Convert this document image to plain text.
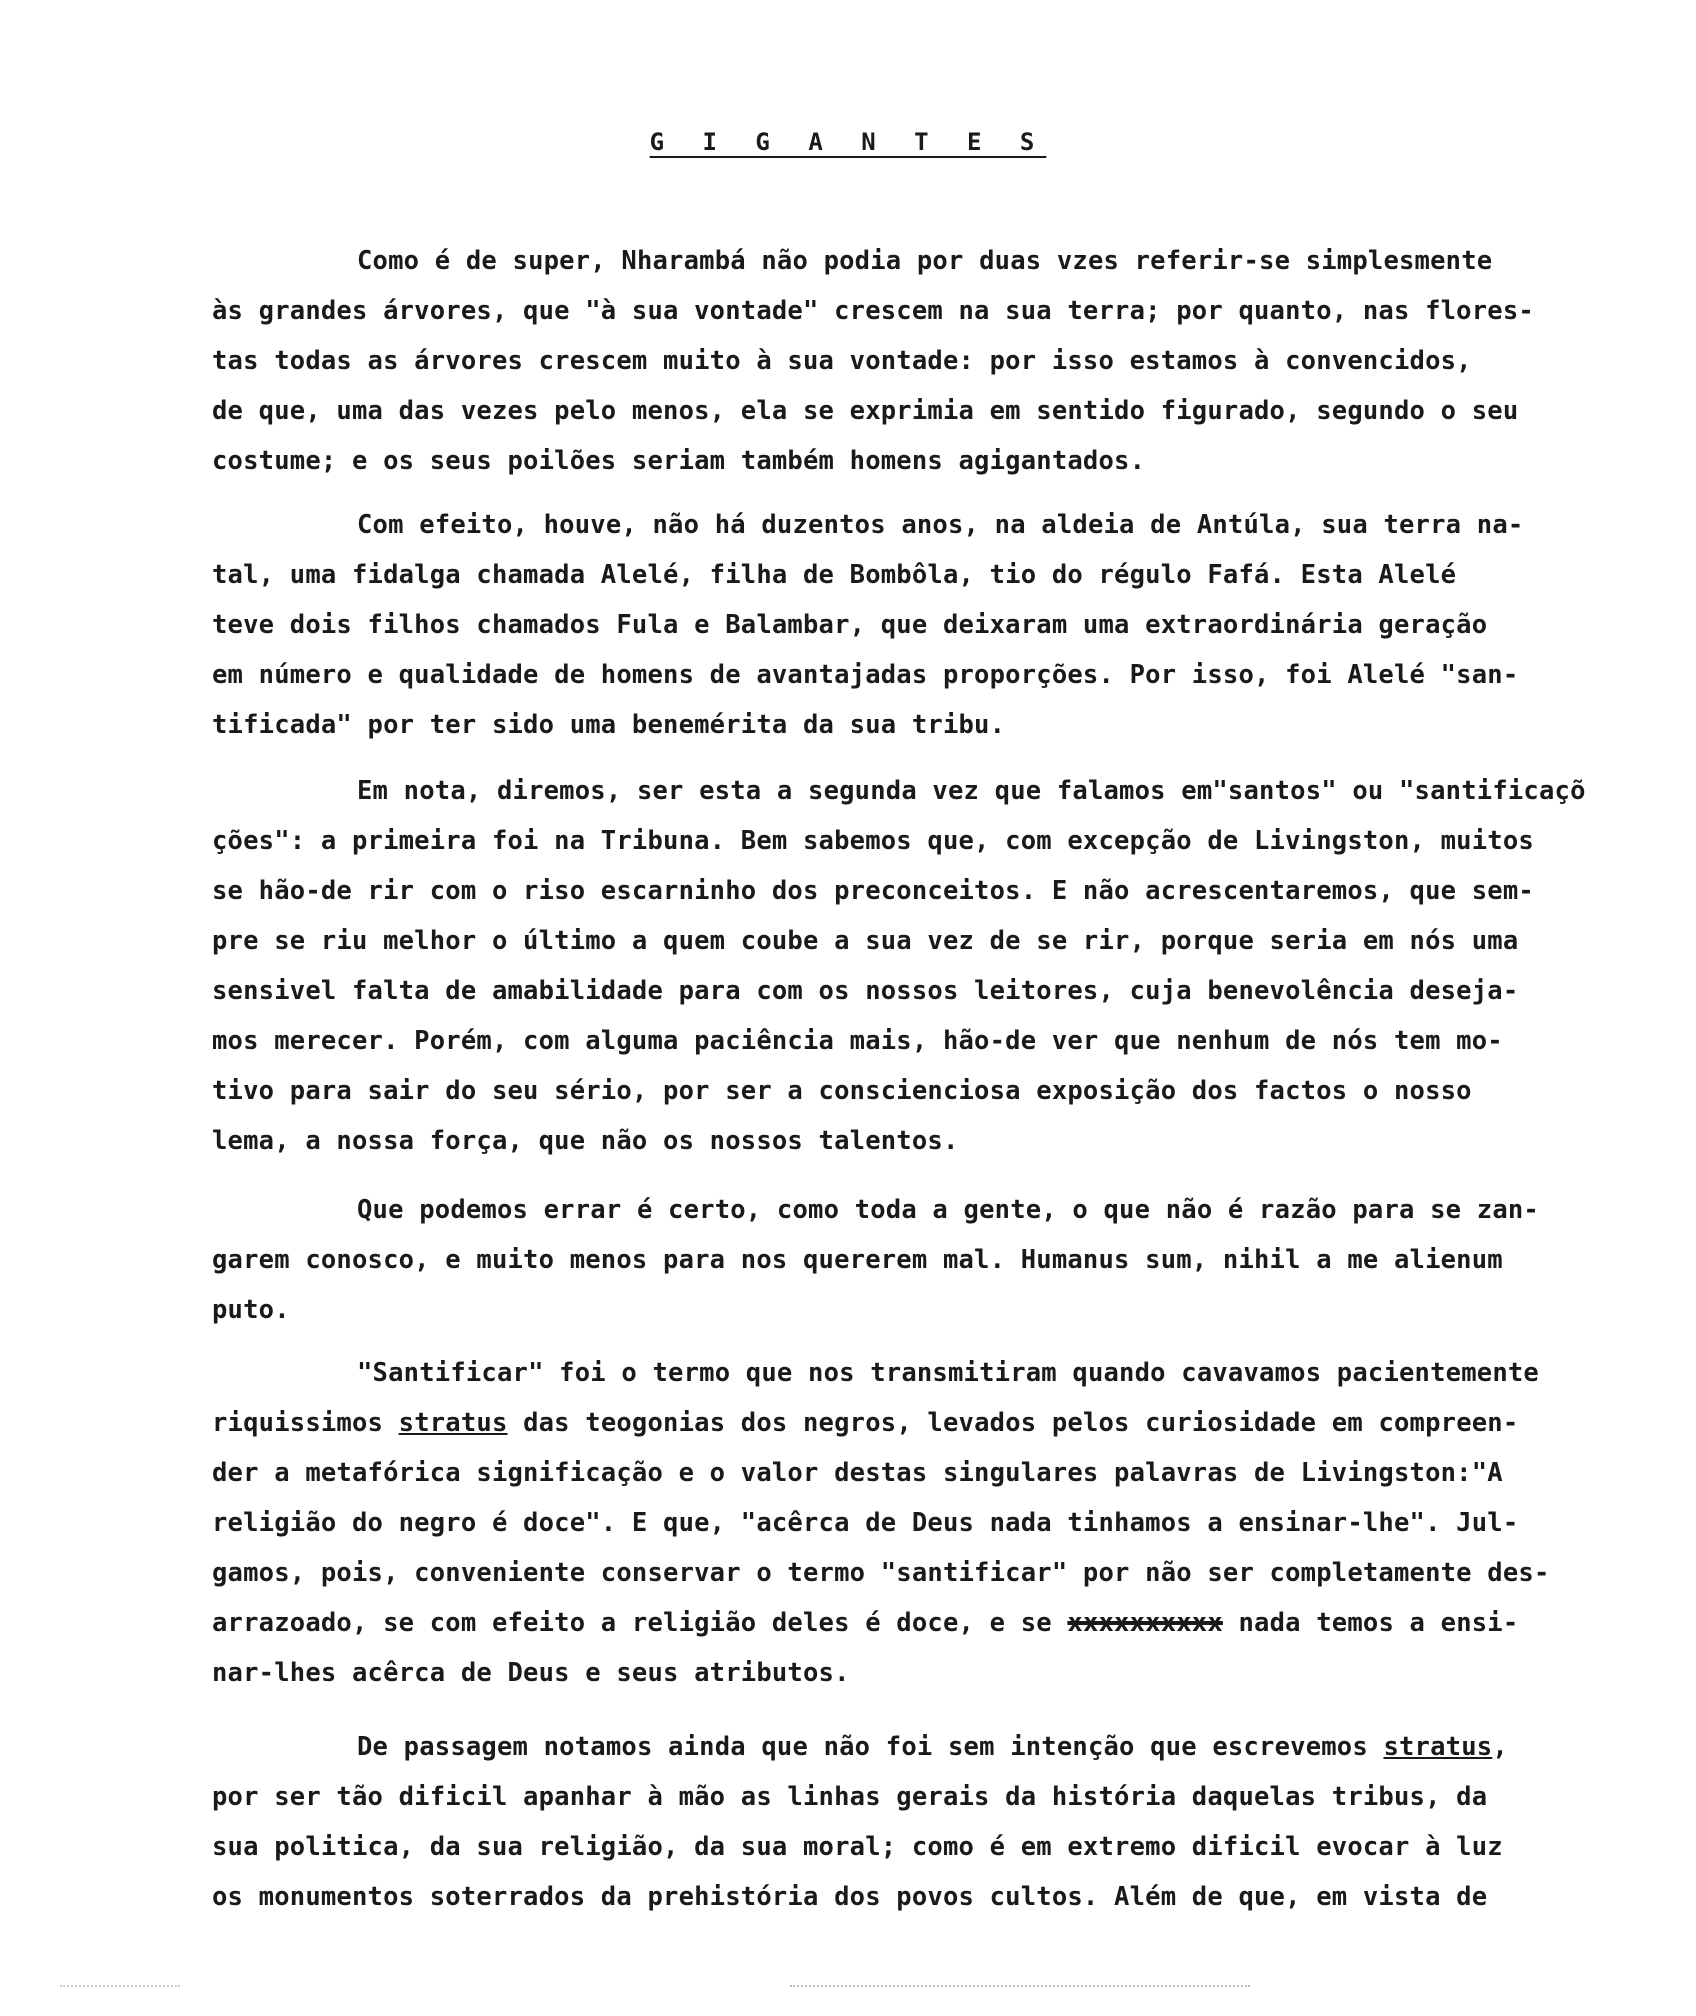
G I G A N T E S
Como é de super, Nharambá não podia por duas vzes referir-se simplesmente
às grandes árvores, que "à sua vontade" crescem na sua terra; por quanto, nas flores-
tas todas as árvores crescem muito à sua vontade: por isso estamos à convencidos,
de que, uma das vezes pelo menos, ela se exprimia em sentido figurado, segundo o seu
costume; e os seus poilões seriam também homens agigantados.
Com efeito, houve, não há duzentos anos, na aldeia de Antúla, sua terra na-
tal, uma fidalga chamada Alelé, filha de Bombôla, tio do régulo Fafá. Esta Alelé
teve dois filhos chamados Fula e Balambar, que deixaram uma extraordinária geração
em número e qualidade de homens de avantajadas proporções. Por isso, foi Alelé "san-
tificada" por ter sido uma benemérita da sua tribu.
Em nota, diremos, ser esta a segunda vez que falamos em"santos" ou "santificaçõ
ções": a primeira foi na Tribuna. Bem sabemos que, com excepção de Livingston, muitos
se hão-de rir com o riso escarninho dos preconceitos. E não acrescentaremos, que sem-
pre se riu melhor o último a quem coube a sua vez de se rir, porque seria em nós uma
sensivel falta de amabilidade para com os nossos leitores, cuja benevolência deseja-
mos merecer. Porém, com alguma paciência mais, hão-de ver que nenhum de nós tem mo-
tivo para sair do seu sério, por ser a conscienciosa exposição dos factos o nosso
lema, a nossa força, que não os nossos talentos.
Que podemos errar é certo, como toda a gente, o que não é razão para se zan-
garem conosco, e muito menos para nos quererem mal. Humanus sum, nihil a me alienum
puto.
"Santificar" foi o termo que nos transmitiram quando cavavamos pacientemente
riquissimos stratus das teogonias dos negros, levados pelos curiosidade em compreen-
der a metafórica significação e o valor destas singulares palavras de Livingston:"A
religião do negro é doce". E que, "acêrca de Deus nada tinhamos a ensinar-lhe". Jul-
gamos, pois, conveniente conservar o termo "santificar" por não ser completamente des-
arrazoado, se com efeito a religião deles é doce, e se xxxxxxxxxx nada temos a ensi-
nar-lhes acêrca de Deus e seus atributos.
De passagem notamos ainda que não foi sem intenção que escrevemos stratus,
por ser tão dificil apanhar à mão as linhas gerais da história daquelas tribus, da
sua politica, da sua religião, da sua moral; como é em extremo dificil evocar à luz
os monumentos soterrados da prehistória dos povos cultos. Além de que, em vista de
